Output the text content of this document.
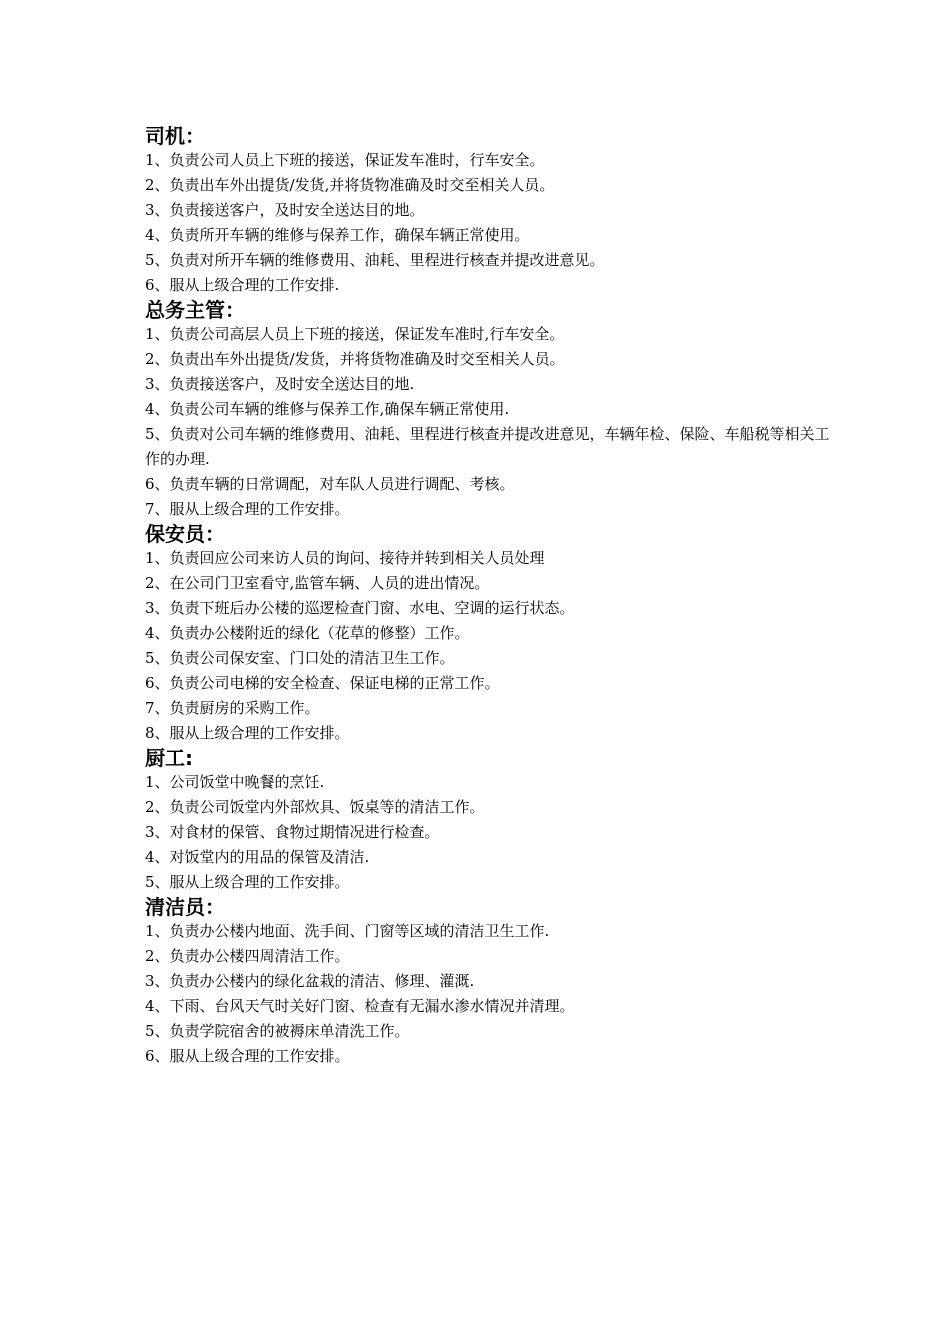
司机：
1、负责公司人员上下班的接送，保证发车准时，行车安全。
2、负责出车外出提货/发货,并将货物准确及时交至相关人员。
3、负责接送客户，及时安全送达目的地。
4、负责所开车辆的维修与保养工作，确保车辆正常使用。
5、负责对所开车辆的维修费用、油耗、里程进行核查并提改进意见。
6、服从上级合理的工作安排.
总务主管：
1、负责公司高层人员上下班的接送，保证发车准时,行车安全。
2、负责出车外出提货/发货，并将货物准确及时交至相关人员。
3、负责接送客户，及时安全送达目的地.
4、负责公司车辆的维修与保养工作,确保车辆正常使用.
5、负责对公司车辆的维修费用、油耗、里程进行核查并提改进意见，车辆年检、保险、车船税等相关工作的办理.
6、负责车辆的日常调配，对车队人员进行调配、考核。
7、服从上级合理的工作安排。
保安员：
1、负责回应公司来访人员的询问、接待并转到相关人员处理
2、在公司门卫室看守,监管车辆、人员的进出情况。
3、负责下班后办公楼的巡逻检查门窗、水电、空调的运行状态。
4、负责办公楼附近的绿化（花草的修整）工作。
5、负责公司保安室、门口处的清洁卫生工作。
6、负责公司电梯的安全检查、保证电梯的正常工作。
7、负责厨房的采购工作。
8、服从上级合理的工作安排。
厨工:
1、公司饭堂中晚餐的烹饪.
2、负责公司饭堂内外部炊具、饭桌等的清洁工作。
3、对食材的保管、食物过期情况进行检查。
4、对饭堂内的用品的保管及清洁.
5、服从上级合理的工作安排。
清洁员：
1、负责办公楼内地面、洗手间、门窗等区域的清洁卫生工作.
2、负责办公楼四周清洁工作。
3、负责办公楼内的绿化盆栽的清洁、修理、灌溉.
4、下雨、台风天气时关好门窗、检查有无漏水渗水情况并清理。
5、负责学院宿舍的被褥床单清洗工作。
6、服从上级合理的工作安排。
